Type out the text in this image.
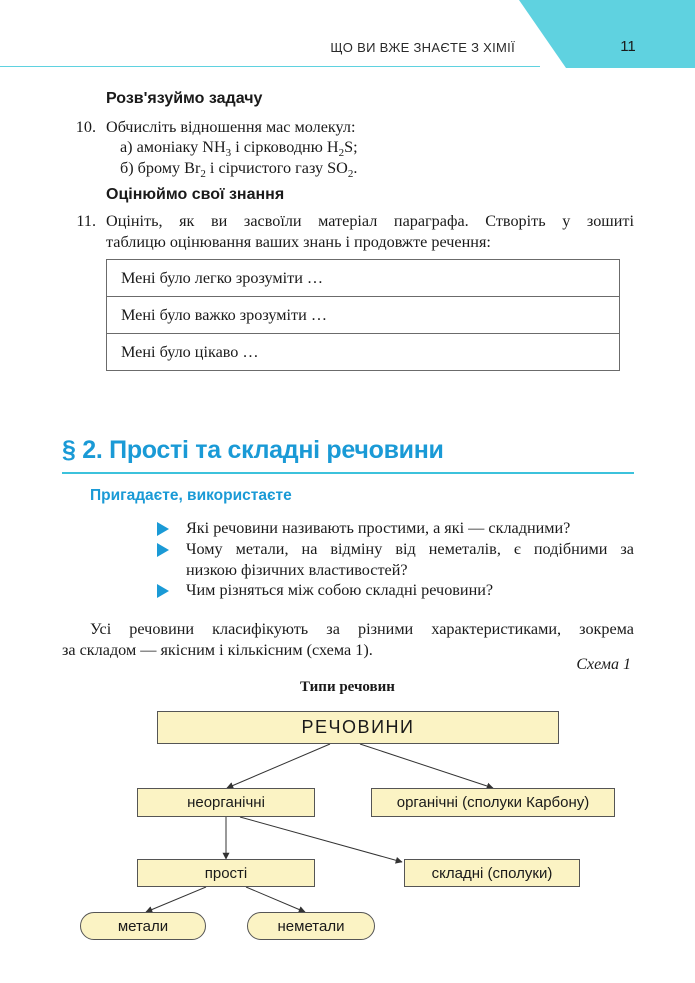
ЩО ВИ ВЖЕ ЗНАЄТЕ З ХІМІЇ	11
Розв'язуймо задачу
10. Обчисліть відношення мас молекул:
а) амоніаку $NH_3$ і сірководню $H_2S$;
б) брому $Br_2$ і сірчистого газу $SO_2$.
Оцінюймо свої знання
11. Оцініть, як ви засвоїли матеріал параграфа. Створіть у зошиті
таблицю оцінювання ваших знань і продовжте речення:
Мені було легко зрозуміти …
Мені було важко зрозуміти …
Мені було цікаво …
§ 2. Прості та складні речовини
Пригадаєте, використаєте
Які речовини називають простими, а які — складними?
Чому метали, на відміну від неметалів, є подібними за
низкою фізичних властивостей?
Чим різняться між собою складні речовини?
Усі речовини класифікують за різними характеристиками, зокрема
за складом — якісним і кількісним (схема 1).
Схема 1
Типи речовин
РЕЧОВИНИ
неорганічні	органічні (сполуки Карбону)
прості	складні (сполуки)
метали	неметали
